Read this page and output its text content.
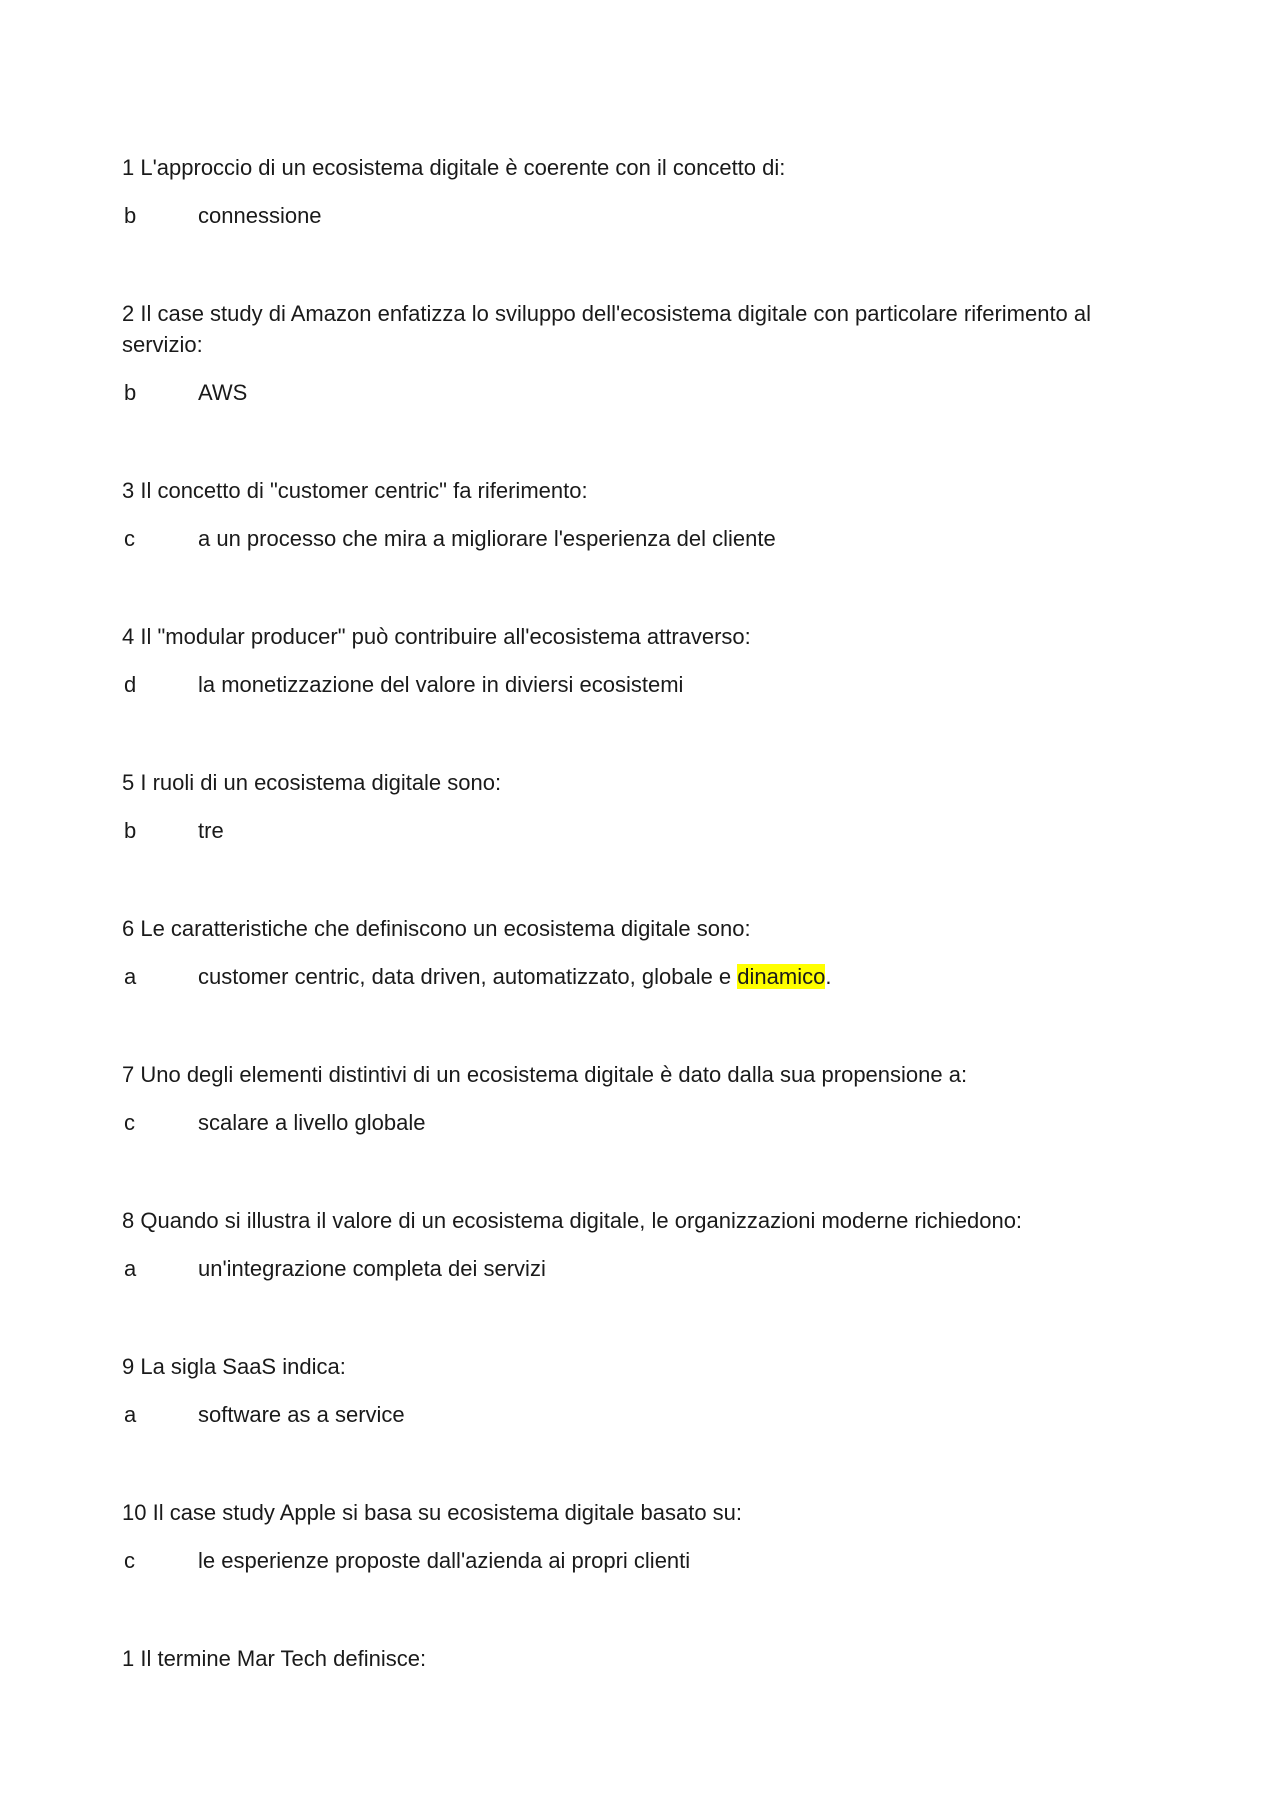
1 L'approccio di un ecosistema digitale è coerente con il concetto di:

b	connessione

2 Il case study di Amazon enfatizza lo sviluppo dell'ecosistema digitale con particolare riferimento al servizio:

b	AWS

3 Il concetto di "customer centric" fa riferimento:

c	a un processo che mira a migliorare l'esperienza del cliente

4 Il "modular producer" può contribuire all'ecosistema attraverso:

d	la monetizzazione del valore in diviersi ecosistemi

5 I ruoli di un ecosistema digitale sono:

b	tre

6 Le caratteristiche che definiscono un ecosistema digitale sono:

a	customer centric, data driven, automatizzato, globale e dinamico.

7 Uno degli elementi distintivi di un ecosistema digitale è dato dalla sua propensione a:

c	scalare a livello globale

8 Quando si illustra il valore di un ecosistema digitale, le organizzazioni moderne richiedono:

a	un'integrazione completa dei servizi

9 La sigla SaaS indica:

a	software as a service

10 Il case study Apple si basa su ecosistema digitale basato su:

c	le esperienze proposte dall'azienda ai propri clienti

1 Il termine Mar Tech definisce:
